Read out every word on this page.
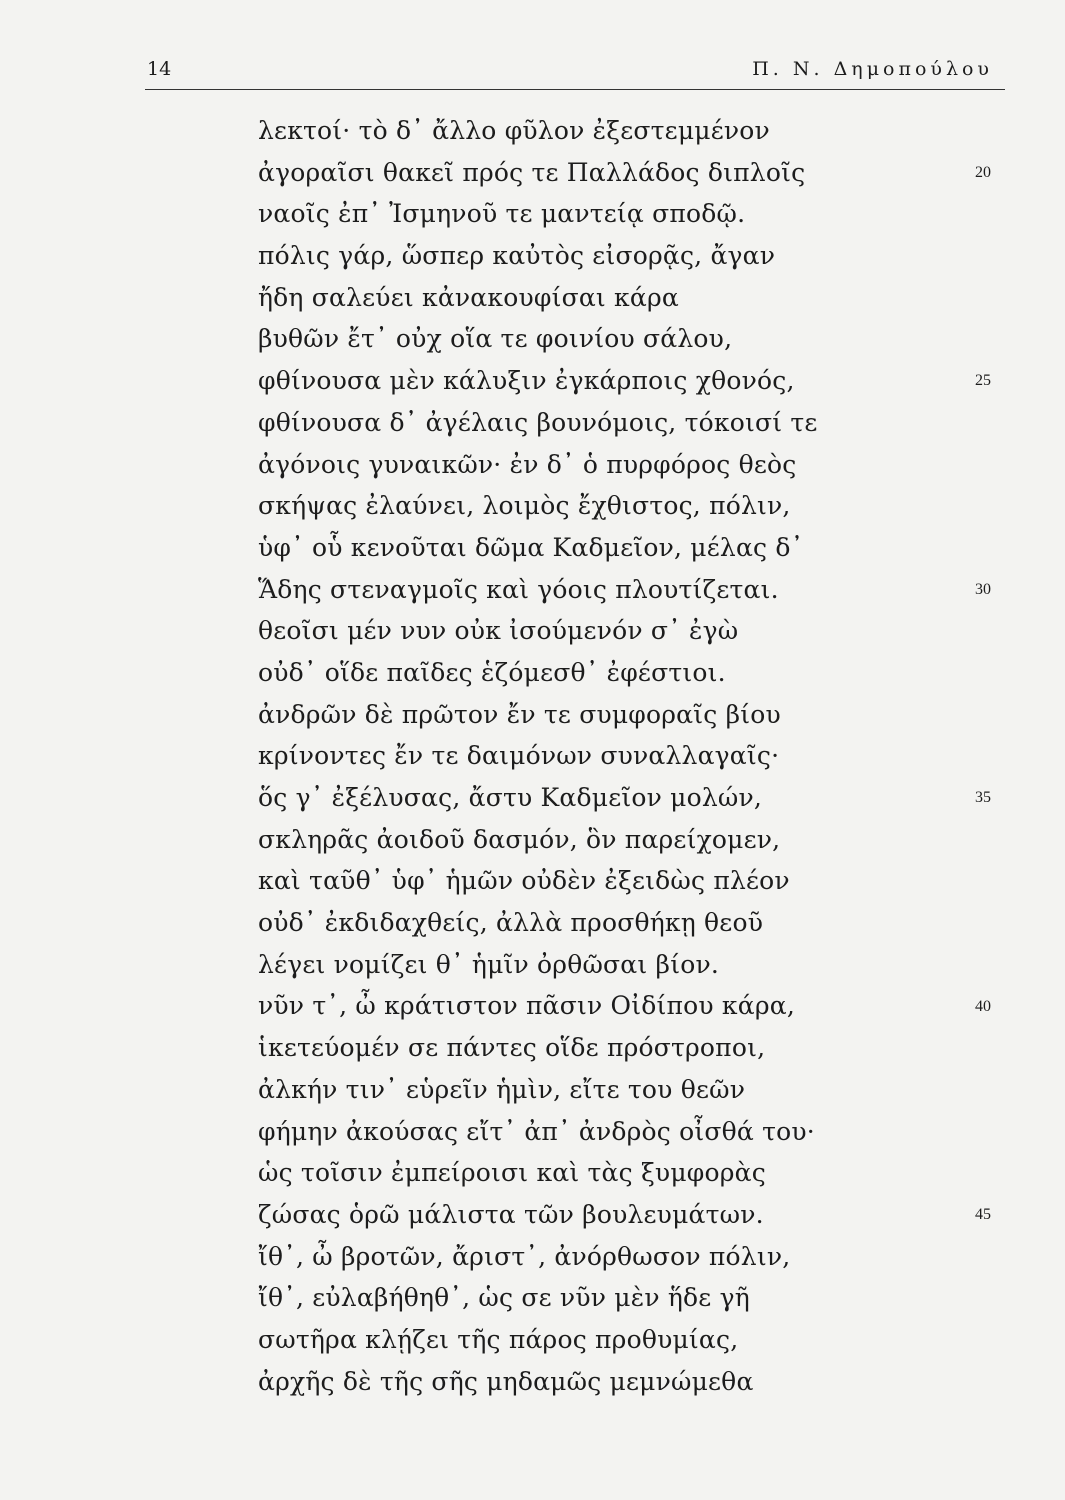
14	Π. Ν. Δημοπούλου
λεκτοί· τὸ δ᾽ ἄλλο φῦλον ἐξεστεμμένον
ἀγοραῖσι θακεῖ πρός τε Παλλάδος διπλοῖς
ναοῖς ἐπ᾽ Ἰσμηνοῦ τε μαντείᾳ σποδῷ.
πόλις γάρ, ὥσπερ καὐτὸς εἰσορᾷς, ἄγαν
ἤδη σαλεύει κἀνακουφίσαι κάρα
βυθῶν ἔτ᾽ οὐχ οἵα τε φοινίου σάλου,
φθίνουσα μὲν κάλυξιν ἐγκάρποις χθονός,
φθίνουσα δ᾽ ἀγέλαις βουνόμοις, τόκοισί τε
ἀγόνοις γυναικῶν· ἐν δ᾽ ὁ πυρφόρος θεὸς
σκήψας ἐλαύνει, λοιμὸς ἔχθιστος, πόλιν,
ὑφ᾽ οὗ κενοῦται δῶμα Καδμεῖον, μέλας δ᾽
Ἅδης στεναγμοῖς καὶ γόοις πλουτίζεται.
θεοῖσι μέν νυν οὐκ ἰσούμενόν σ᾽ ἐγὼ
οὐδ᾽ οἵδε παῖδες ἑζόμεσθ᾽ ἐφέστιοι.
ἀνδρῶν δὲ πρῶτον ἔν τε συμφοραῖς βίου
κρίνοντες ἔν τε δαιμόνων συναλλαγαῖς·
ὅς γ᾽ ἐξέλυσας, ἄστυ Καδμεῖον μολών,
σκληρᾶς ἀοιδοῦ δασμόν, ὃν παρείχομεν,
καὶ ταῦθ᾽ ὑφ᾽ ἡμῶν οὐδὲν ἐξειδὼς πλέον
οὐδ᾽ ἐκδιδαχθείς, ἀλλὰ προσθήκῃ θεοῦ
λέγει νομίζει θ᾽ ἡμῖν ὀρθῶσαι βίον.
νῦν τ᾽, ὦ κράτιστον πᾶσιν Οἰδίπου κάρα,
ἱκετεύομέν σε πάντες οἵδε πρόστροποι,
ἀλκήν τιν᾽ εὑρεῖν ἡμὶν, εἴτε του θεῶν
φήμην ἀκούσας εἴτ᾽ ἀπ᾽ ἀνδρὸς οἶσθά του·
ὡς τοῖσιν ἐμπείροισι καὶ τὰς ξυμφορὰς
ζώσας ὁρῶ μάλιστα τῶν βουλευμάτων.
ἴθ᾽, ὦ βροτῶν, ἄριστ᾽, ἀνόρθωσον πόλιν,
ἴθ᾽, εὐλαβήθηθ᾽, ὡς σε νῦν μὲν ἥδε γῆ
σωτῆρα κλῄζει τῆς πάρος προθυμίας,
ἀρχῆς δὲ τῆς σῆς μηδαμῶς μεμνώμεθα
20
25
30
35
40
45
